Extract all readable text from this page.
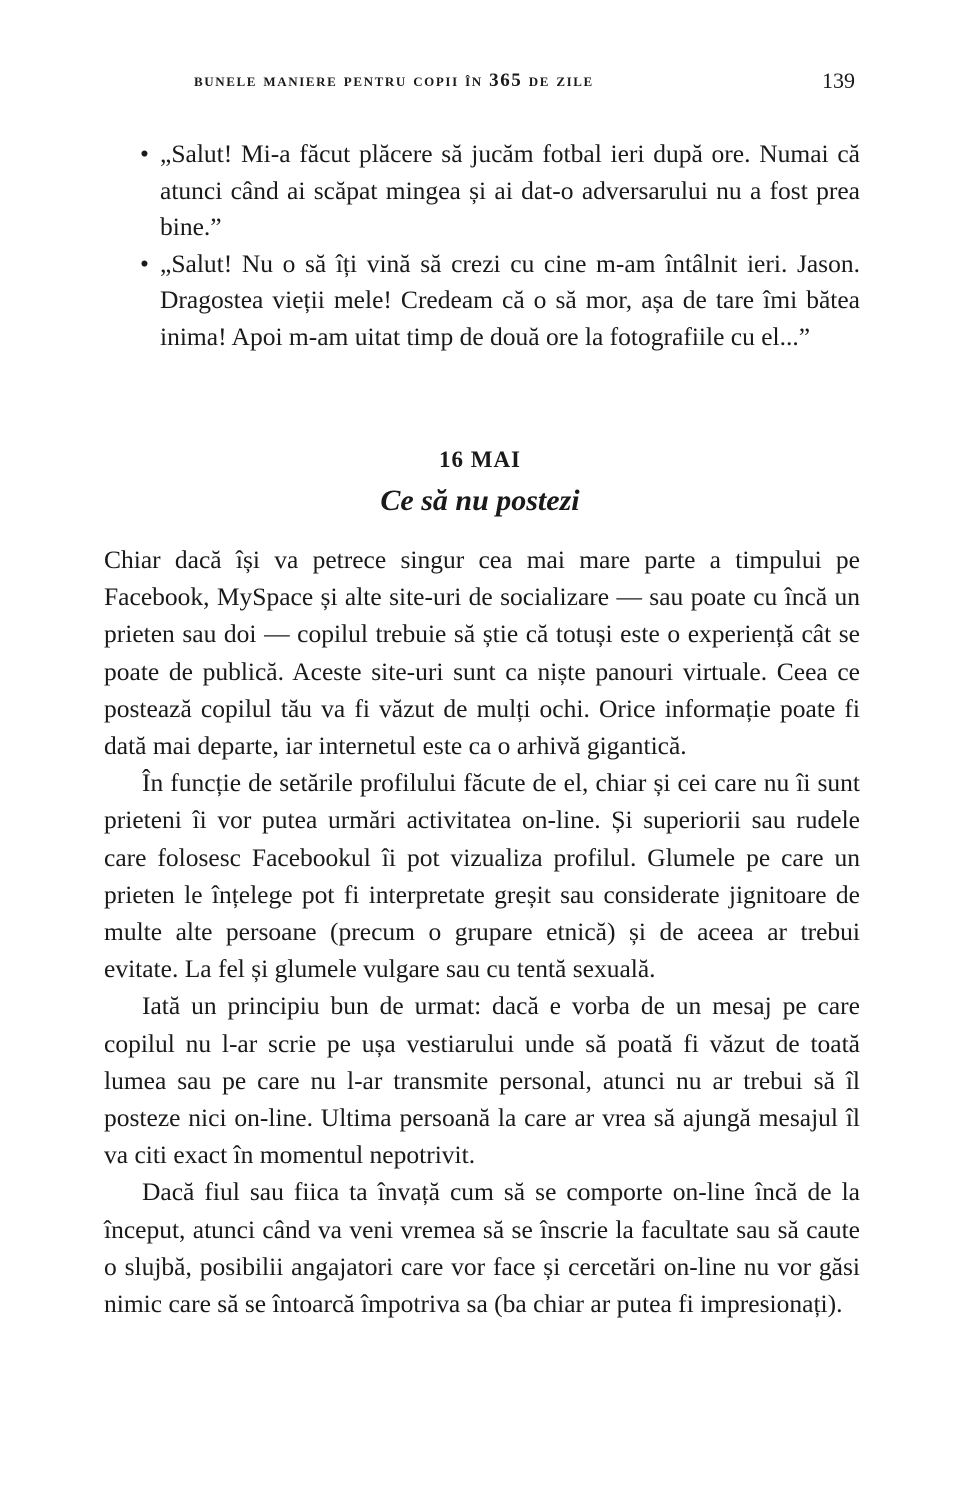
bunele maniere pentru copii în 365 de zile	139
• „Salut! Mi-a făcut plăcere să jucăm fotbal ieri după ore. Numai că atunci când ai scăpat mingea și ai dat-o adversarului nu a fost prea bine.”
• „Salut! Nu o să îți vină să crezi cu cine m-am întâlnit ieri. Jason. Dragostea vieții mele! Credeam că o să mor, așa de tare îmi bătea inima! Apoi m-am uitat timp de două ore la fotografiile cu el...”
16 MAI
Ce să nu postezi

Chiar dacă își va petrece singur cea mai mare parte a timpului pe Facebook, MySpace și alte site-uri de socializare — sau poate cu încă un prieten sau doi — copilul trebuie să știe că totuși este o experiență cât se poate de publică. Aceste site-uri sunt ca niște panouri virtuale. Ceea ce postează copilul tău va fi văzut de mulți ochi. Orice informație poate fi dată mai departe, iar internetul este ca o arhivă gigantică.

În funcție de setările profilului făcute de el, chiar și cei care nu îi sunt prieteni îi vor putea urmări activitatea on-line. Și superiorii sau rudele care folosesc Facebookul îi pot vizualiza profilul. Glumele pe care un prieten le înțelege pot fi interpretate greșit sau considerate jignitoare de multe alte persoane (precum o grupare etnică) și de aceea ar trebui evitate. La fel și glumele vulgare sau cu tentă sexuală.

Iată un principiu bun de urmat: dacă e vorba de un mesaj pe care copilul nu l-ar scrie pe ușa vestiarului unde să poată fi văzut de toată lumea sau pe care nu l-ar transmite personal, atunci nu ar trebui să îl posteze nici on-line. Ultima persoană la care ar vrea să ajungă mesajul îl va citi exact în momentul nepotrivit.

Dacă fiul sau fiica ta învață cum să se comporte on-line încă de la început, atunci când va veni vremea să se înscrie la facultate sau să caute o slujbă, posibilii angajatori care vor face și cercetări on-line nu vor găsi nimic care să se întoarcă împotriva sa (ba chiar ar putea fi impresionați).
